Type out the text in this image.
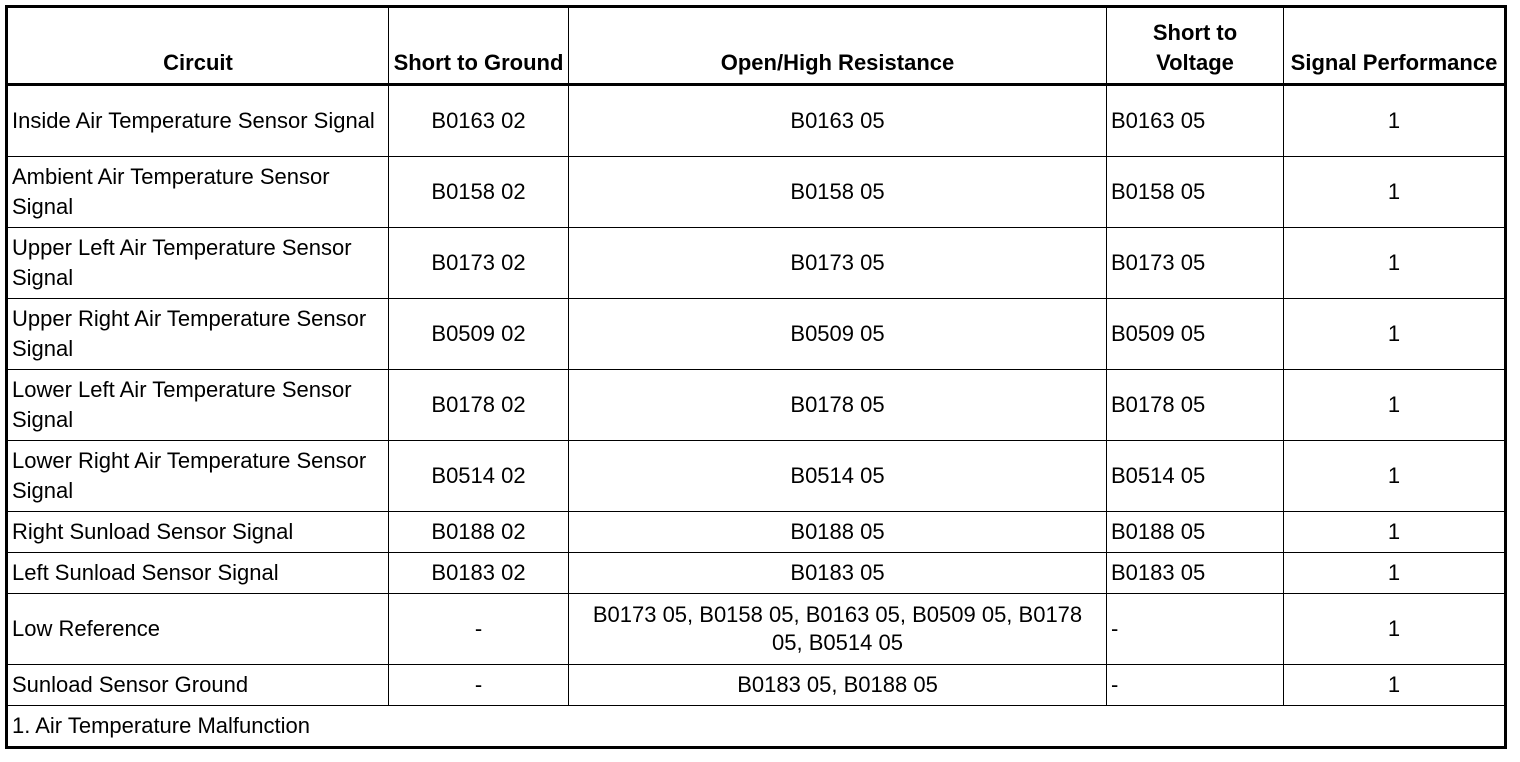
Circuit	Short to Ground	Open/High Resistance	Short to Voltage	Signal Performance
Inside Air Temperature Sensor Signal	B0163 02	B0163 05	B0163 05	1
Ambient Air Temperature Sensor Signal	B0158 02	B0158 05	B0158 05	1
Upper Left Air Temperature Sensor Signal	B0173 02	B0173 05	B0173 05	1
Upper Right Air Temperature Sensor Signal	B0509 02	B0509 05	B0509 05	1
Lower Left Air Temperature Sensor Signal	B0178 02	B0178 05	B0178 05	1
Lower Right Air Temperature Sensor Signal	B0514 02	B0514 05	B0514 05	1
Right Sunload Sensor Signal	B0188 02	B0188 05	B0188 05	1
Left Sunload Sensor Signal	B0183 02	B0183 05	B0183 05	1
Low Reference	-	B0173 05, B0158 05, B0163 05, B0509 05, B0178 05, B0514 05	-	1
Sunload Sensor Ground	-	B0183 05, B0188 05	-	1
1. Air Temperature Malfunction				
